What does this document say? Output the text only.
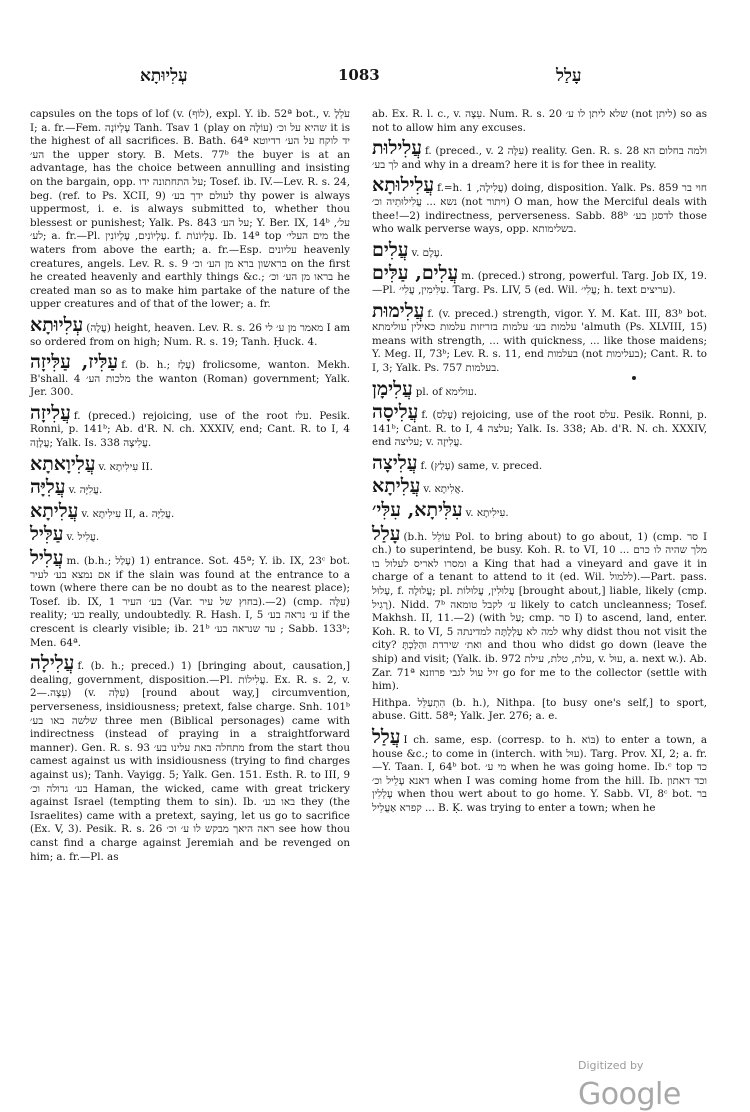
עְלִיוּתָא	1083	עָלַל

capsules on the tops of lof (v. (לוֹף), expl. Y. ib. 52ª bot., v. עֹלְלָ I; a. fr.—Fem. עֶלְיוֹנָה Tanh. Tsav 1 (play on עוֹלָה) שהיא על וכ׳ it is the highest of all sacrifices. B. Bath. 64ª יד לוקח על הע׳ רדיוטא הע׳ the upper story. B. Mets. 77ᵇ the buyer is at an advantage, has the choice between annulling and insisting on the bargain, opp. על התחתונה ידו; Tosef. ib. IV.—Lev. R. s. 24, beg. (ref. to Ps. XCII, 9) לעולם ידך בע׳ thy power is always uppermost, i. e. is always submitted to, whether thou blessest or punishest; Yalk. Ps. 843 על הע׳; Y. Ber. IX, 14ᵇ על׳, לע׳; a. fr.—Pl. עֶלְיוֹנִים, עֶלְיוֹנִין. f. עֶלְיוֹנוֹת. Ib. 14ª top מים העלי׳ the waters from above the earth; a. fr.—Esp. עליונים heavenly creatures, angels. Lev. R. s. 9 בראשון ברא מן הע׳ וכ׳ on the first he created heavenly and earthly things &c.; בראו מן הע׳ וכ׳ he created man so as to make him partake of the nature of the upper creatures and of that of the lower; a. fr.

עְלִיוּתָא (עֲלָה) height, heaven. Lev. R. s. 26 מאמר מן ע׳ לי I am so ordered from on high; Num. R. s. 19; Tanh. Ḥuck. 4.

עַלִּיז, עַלִּיזָה f. (b. h.; עָלַז) frolicsome, wanton. Mekh. B'shall. 4 מלכות הע׳ the wanton (Roman) government; Yalk. Jer. 300.

עֲלִיזָה f. (preced.) rejoicing, use of the root עלז. Pesik. Ronni, p. 141ᵇ; Ab. d'R. N. ch. XXXIV, end; Cant. R. to I, 4 עֲלָזָה; Yalk. Is. 338 עֲלִיצָה.

עֲלִיוָאתָא v. עִילִיתָא II.

עֲלִיָּה v. עֲלִיָּה.

עֲלִיתָא v. עִילִיתָא II, a. עֲלִיָּה.

עַלִּיל v. עֲלִיל.

עֲלִיל m. (b.h.; עָלַל) 1) entrance. Sot. 45ª; Y. ib. IX, 23ᶜ bot. אם נמצא בע׳ לעיר if the slain was found at the entrance to a town (where there can be no doubt as to the nearest place); Tosef. ib. IX, 1 בע׳ העיר (Var. בחוץ של עיר).—2) (cmp. עִלָּה) reality; בע׳ really, undoubtedly. R. Hash. I, 5 ע׳ נראה בע׳ if the crescent is clearly visible; ib. 21ᵇ עד שנראה בע׳ ; Sabb. 133ᵇ; Men. 64ª.

עֲלִילָה f. (b. h.; preced.) 1) [bringing about, causation,] dealing, government, disposition.—Pl. עֲלִילוֹת. Ex. R. s. 2, v. עֵצָה.—2) (v. עִלְּה) [round about way,] circumvention, perverseness, insidiousness; pretext, false charge. Snh. 101ᵇ שלשה באו בע׳ three men (Biblical personages) came with indirectness (instead of praying in a straightforward manner). Gen. R. s. 93 מתחלה באת עלינו בע׳ from the start thou camest against us with insidiousness (trying to find charges against us); Tanh. Vayigg. 5; Yalk. Gen. 151. Esth. R. to III, 9 בע׳ גדולה וכ׳ Haman, the wicked, came with great trickery against Israel (tempting them to sin). Ib. באו בע׳ they (the Israelites) came with a pretext, saying, let us go to sacrifice (Ex. V, 3). Pesik. R. s. 26 ראה היאך מבקש לו ע׳ וכ׳ see how thou canst find a charge against Jeremiah and be revenged on him; a. fr.—Pl. as

ab. Ex. R. l. c., v. עֵצָה. Num. R. s. 20 שלא ליתן לו ע׳ (not ליתן) so as not to allow him any excuses.

עֲלִילוּת f. (preced., v. עִלָּה 2) reality. Gen. R. s. 28 ולמה בחלום הא לך בע׳ and why in a dream? here it is for thee in reality.

עֲלִילוּתָא f.=h. עֲלִילָה, 1) doing, disposition. Yalk. Ps. 859 חוי בר נשא ... עֲלִילוּתֵיה וכ׳ (not ויתור) O man, how the Merciful deals with thee!—2) indirectness, perverseness. Sabb. 88ᵇ לדסגן בע׳ those who walk perverse ways, opp. בשלימותא.

עֲלִים v. עֶלֶם.

עֲלִים, עַלִּים m. (preced.) strong, powerful. Targ. Job IX, 19.—Pl. עַלִּימִין, עֲלִי׳. Targ. Ps. LIV, 5 (ed. Wil. עֲלִי׳; h. text עריצים).

עֲלִימוּת f. (v. preced.) strength, vigor. Y. M. Kat. III, 83ᵇ bot. עלמות בע׳ עלמות בזריזות עלמות כאילין עולימתא 'almuth (Ps. XLVIII, 15) means with strength, ... with quickness, ... like those maidens; Y. Meg. II, 73ᵇ; Lev. R. s. 11, end בעלמות (not בעלימות); Cant. R. to I, 3; Yalk. Ps. 757 בעלמות.

עֲלִימָן pl. of עולימא.

עֲלִיסָה f. (עָלַס) rejoicing, use of the root עלס. Pesik. Ronni, p. 141ᵇ; Cant. R. to I, 4 עלצה; Yalk. Is. 338; Ab. d'R. N. ch. XXXIV, end עליצה; v. עֲלִיזָה.

עֲלִיצָה f. (עָלַץ) same, v. preced.

עֲלִיתָא v. אֲלִיתָא.

עִלִּיתָא, עִלִּי׳ v. עִילִיתָא.

עָלַל (b.h. עוֹלֵל Pol. to bring about) to go about, 1) (cmp. סר I ch.) to superintend, be busy. Koh. R. to VI, 10 ... מלך שהיה לו כרם ומסרו לאריס לעלול בו a King that had a vineyard and gave it in charge of a tenant to attend to it (ed. Wil. ללמול).—Part. pass. עָלוּל, f. עֲלוּלָה; pl. עֲלוּלִין, עֲלוּלוֹת [brought about,] liable, likely (cmp. רָגִיל). Nidd. 7ᵇ ע׳ לקבל טומאה likely to catch uncleanness; Tosef. Makhsh. II, 11.—2) (with עַל; cmp. סר I) to ascend, land, enter. Koh. R. to VI, 5 למה לא עַלְלַתָּה למדינתה why didst thou not visit the city? ואת׳ שירדת והַלַּכְתָּ and thou who didst go down (leave the ship) and visit; (Yalk. ib. 972 עלת, טלת, עילת, v. עוּל, a. next w.). Ab. Zar. 71ª זיל עול לגבי פרוזנא go for me to the collector (settle with him).

Hithpa. הִתְעַלֵּל (b. h.), Nithpa. [to busy one's self,] to sport, abuse. Gitt. 58ª; Yalk. Jer. 276; a. e.

עֲלַל I ch. same, esp. (corresp. to h. בּוֹא) to enter a town, a house &c.; to come in (interch. with עוּל). Targ. Prov. XI, 2; a. fr.—Y. Taan. I, 64ᵇ bot. מי ע׳ when he was going home. Ib.ᶜ top כד דאנא עָלֵיל וכ׳ when I was coming home from the hill. Ib. וכד דאתון עָלְלִין when thou wert about to go home. Y. Sabb. VI, 8ᶜ bot. בר קפרא אַעֲלֵיל ... B. Ḳ. was trying to enter a town; when he

$^{Digitized by}$ Google
